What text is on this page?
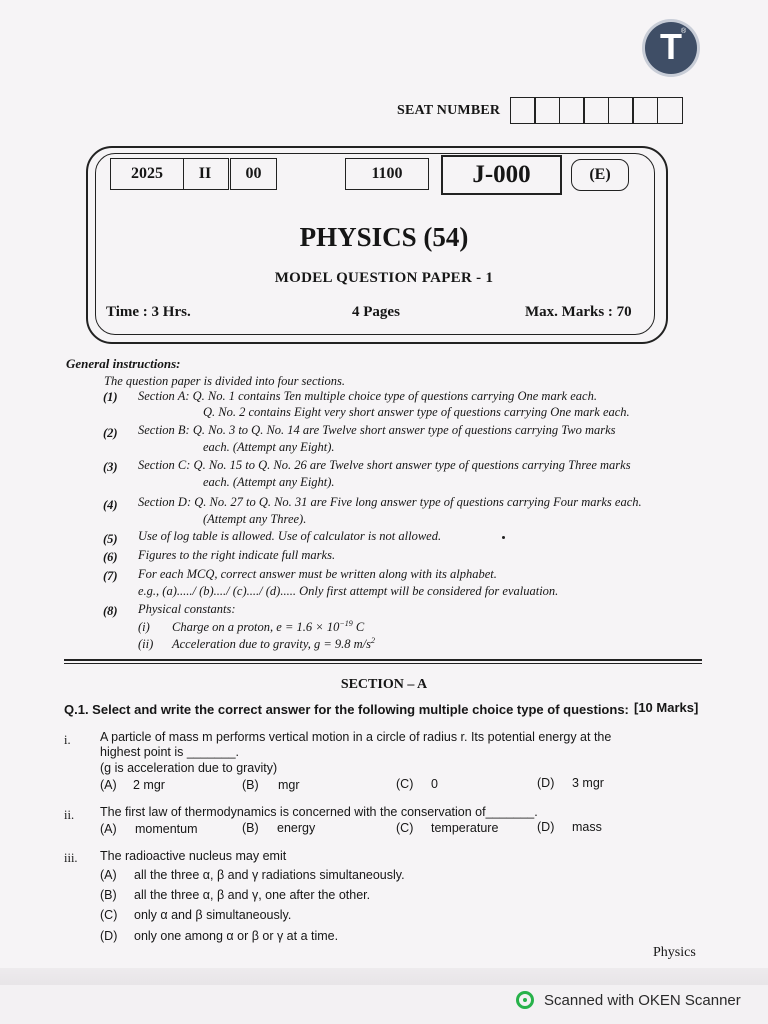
T ®
SEAT NUMBER
2025	II	00	1100	J-000	(E)
PHYSICS (54)
MODEL QUESTION PAPER - 1
Time : 3 Hrs.	4 Pages	Max. Marks : 70
General instructions:
The question paper is divided into four sections.
(1) Section A: Q. No. 1 contains Ten multiple choice type of questions carrying One mark each.
Q. No. 2 contains Eight very short answer type of questions carrying One mark each.
(2) Section B: Q. No. 3 to Q. No. 14 are Twelve short answer type of questions carrying Two marks
each. (Attempt any Eight).
(3) Section C: Q. No. 15 to Q. No. 26 are Twelve short answer type of questions carrying Three marks
each. (Attempt any Eight).
(4) Section D: Q. No. 27 to Q. No. 31 are Five long answer type of questions carrying Four marks each.
(Attempt any Three).
(5) Use of log table is allowed. Use of calculator is not allowed.
(6) Figures to the right indicate full marks.
(7) For each MCQ, correct answer must be written along with its alphabet.
e.g., (a)...../ (b)..../ (c)..../ (d)..... Only first attempt will be considered for evaluation.
(8) Physical constants:
(i) Charge on a proton, $e = 1.6 \times 10^{-19}$ C
(ii) Acceleration due to gravity, g = 9.8 $m/s^2$
SECTION – A
Q.1. Select and write the correct answer for the following multiple choice type of questions: [10 Marks]
i. A particle of mass m performs vertical motion in a circle of radius r. Its potential energy at the
highest point is _______.
(g is acceleration due to gravity)
(A) 2 mgr	(B) mgr	(C) 0	(D) 3 mgr
ii. The first law of thermodynamics is concerned with the conservation of_______.
(A) momentum	(B) energy	(C) temperature	(D) mass
iii. The radioactive nucleus may emit
(A) all the three α, β and γ radiations simultaneously.
(B) all the three α, β and γ, one after the other.
(C) only α and β simultaneously.
(D) only one among α or β or γ at a time.
Physics
Scanned with OKEN Scanner
